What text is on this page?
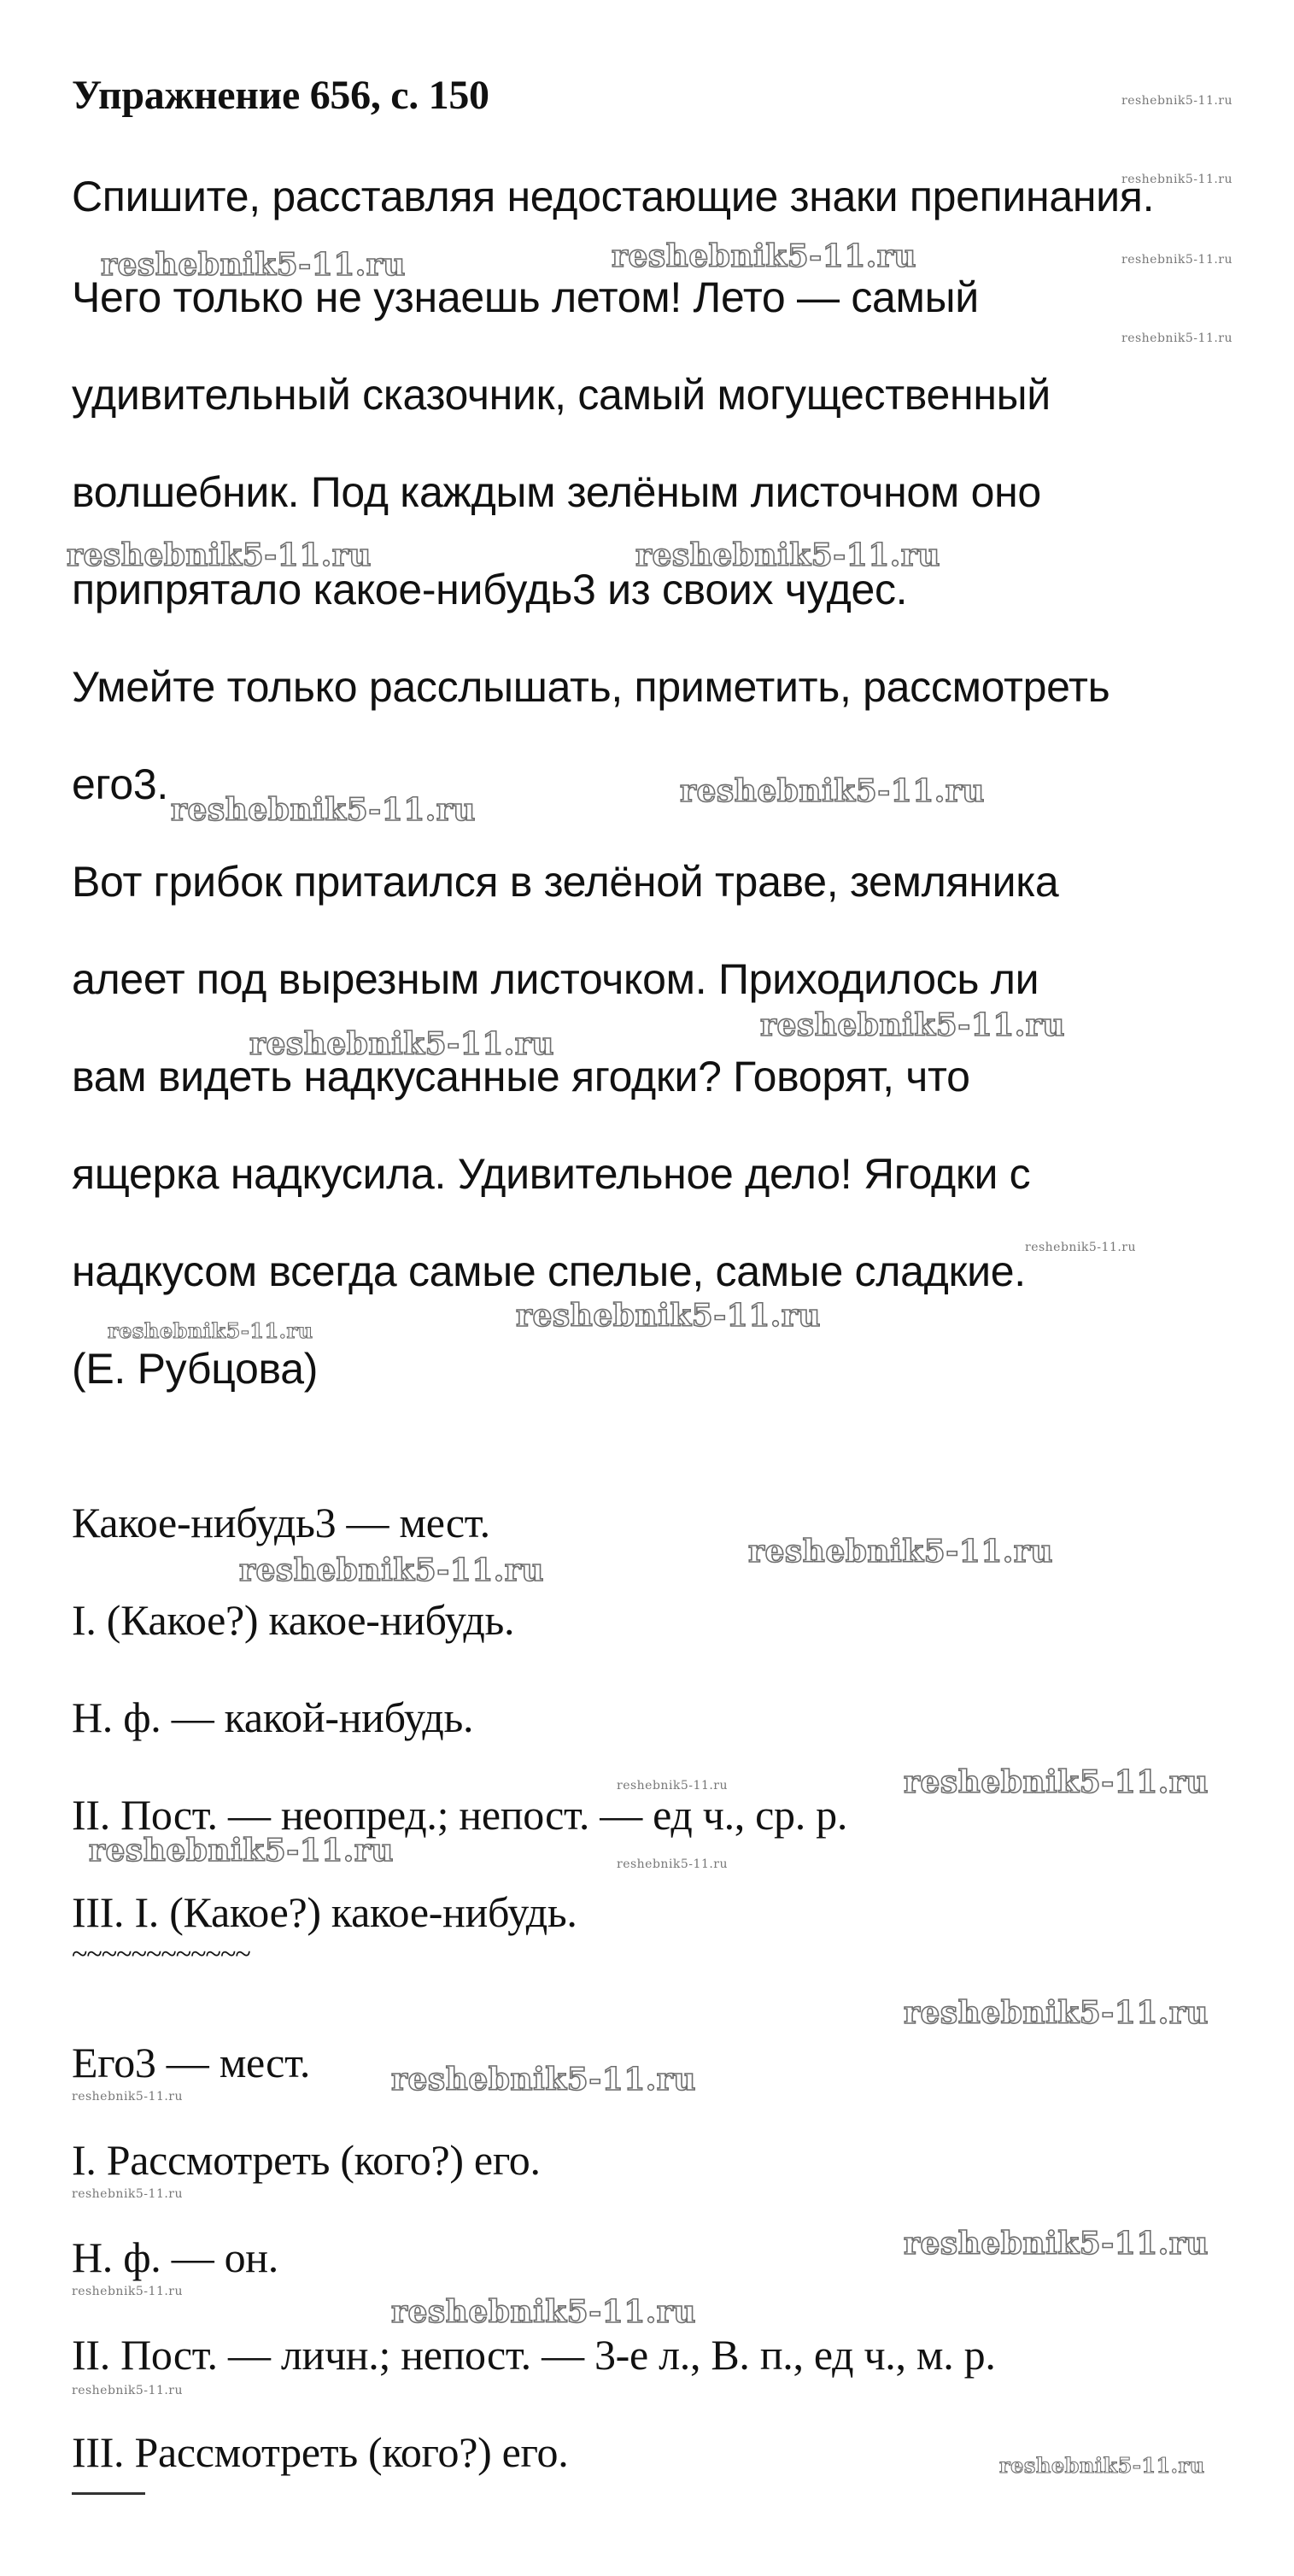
Упражнение 656, с. 150
Спишите, расставляя недостающие знаки препинания.
Чего только не узнаешь летом! Лето — самый
удивительный сказочник, самый могущественный
волшебник. Под каждым зелёным листочном оно
припрятало какое-нибудь3 из своих чудес.
Умейте только расслышать, приметить, рассмотреть
его3.
Вот грибок притаился в зелёной траве, земляника
алеет под вырезным листочком. Приходилось ли
вам видеть надкусанные ягодки? Говорят, что
ящерка надкусила. Удивительное дело! Ягодки с
надкусом всегда самые спелые, самые сладкие.
(Е. Рубцова)
Какое-нибудь3 — мест.
I. (Какое?) какое-нибудь.
Н. ф. — какой-нибудь.
II. Пост. — неопред.; непост. — ед ч., ср. р.
III. I. (Какое?) какое-нибудь.
~~~~~~~~~~~~
Его3 — мест.
I. Рассмотреть (кого?) его.
Н. ф. — он.
II. Пост. — личн.; непост. — 3-е л., В. п., ед ч., м. р.
III. Рассмотреть (кого?) его.
reshebnik5-11.ru
reshebnik5-11.ru
reshebnik5-11.ru
reshebnik5-11.ru
reshebnik5-11.ru	reshebnik5-11.ru
reshebnik5-11.ru	reshebnik5-11.ru
reshebnik5-11.ru
reshebnik5-11.ru
reshebnik5-11.ru
reshebnik5-11.ru
reshebnik5-11.ru
reshebnik5-11.ru
reshebnik5-11.ru
reshebnik5-11.ru
reshebnik5-11.ru
reshebnik5-11.ru
reshebnik5-11.ru
reshebnik5-11.ru	reshebnik5-11.ru
reshebnik5-11.ru
reshebnik5-11.ru
reshebnik5-11.ru
reshebnik5-11.ru
reshebnik5-11.ru
reshebnik5-11.ru
reshebnik5-11.ru
reshebnik5-11.ru
reshebnik5-11.ru
